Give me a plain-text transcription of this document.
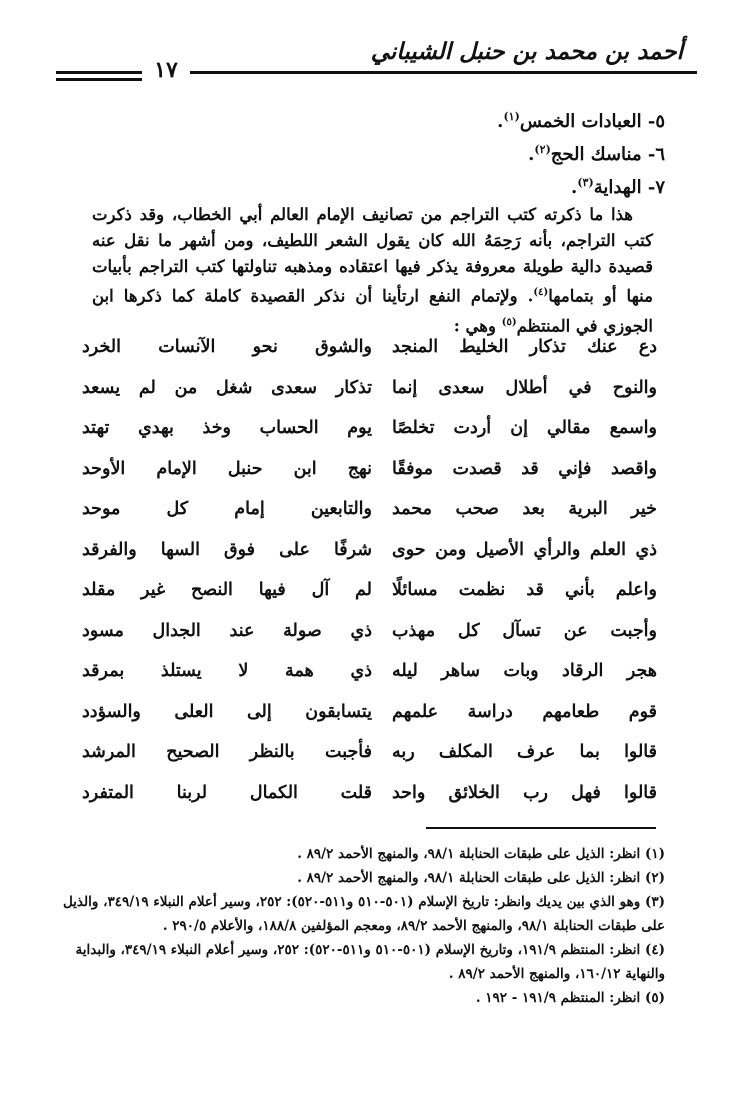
أحمد بن محمد بن حنبل الشيباني
١٧
٥- العبادات الخمس$^{(١)}$.
٦- مناسك الحج$^{(٢)}$.
٧- الهداية$^{(٣)}$.

هذا ما ذكرته كتب التراجم من تصانيف الإمام العالم أبي الخطاب، وقد ذكرت كتب التراجم، بأنه رَحِمَهُ الله كان يقول الشعر اللطيف، ومن أشهر ما نقل عنه قصيدة دالية طويلة معروفة يذكر فيها اعتقاده ومذهبه تناولتها كتب التراجم بأبيات منها أو بتمامها$^{(٤)}$. ولإتمام النفع ارتأينا أن نذكر القصيدة كاملة كما ذكرها ابن الجوزي في المنتظم$^{(٥)}$ وهي :

دع عنك تذكار الخليط المنجد
والشوق نحو الآنسات الخرد
والنوح في أطلال سعدى إنما
تذكار سعدى شغل من لم يسعد
واسمع مقالي إن أردت تخلصًا
يوم الحساب وخذ بهدي تهتد
واقصد فإني قد قصدت موفقًا
نهج ابن حنبل الإمام الأوحد
خير البرية بعد صحب محمد
والتابعين إمام كل موحد
ذي العلم والرأي الأصيل ومن حوى
شرفًا على فوق السها والفرقد
واعلم بأني قد نظمت مسائلًا
لم آل فيها النصح غير مقلد
وأجبت عن تسآل كل مهذب
ذي صولة عند الجدال مسود
هجر الرقاد وبات ساهر ليله
ذي همة لا يستلذ بمرقد
قوم طعامهم دراسة علمهم
يتسابقون إلى العلى والسؤدد
قالوا بما عرف المكلف ربه
فأجبت بالنظر الصحيح المرشد
قالوا فهل رب الخلائق واحد
قلت الكمال لربنا المتفرد

(١) انظر: الذيل على طبقات الحنابلة ٩٨/١، والمنهج الأحمد ٨٩/٢ .

(٢) انظر: الذيل على طبقات الحنابلة ٩٨/١، والمنهج الأحمد ٨٩/٢ .

(٣) وهو الذي بين يديك وانظر: تاريخ الإسلام (٥٠١-٥١٠ و٥١١-٥٢٠): ٢٥٢، وسير أعلام النبلاء ٣٤٩/١٩، والذيل على طبقات الحنابلة ٩٨/١، والمنهج الأحمد ٨٩/٢، ومعجم المؤلفين ١٨٨/٨، والأعلام ٢٩٠/٥ .

(٤) انظر: المنتظم ١٩١/٩، وتاريخ الإسلام (٥٠١-٥١٠ و٥١١-٥٢٠): ٢٥٢، وسير أعلام النبلاء ٣٤٩/١٩، والبداية والنهاية ١٦٠/١٢، والمنهج الأحمد ٨٩/٢ .

(٥) انظر: المنتظم ١٩١/٩ - ١٩٢ .
